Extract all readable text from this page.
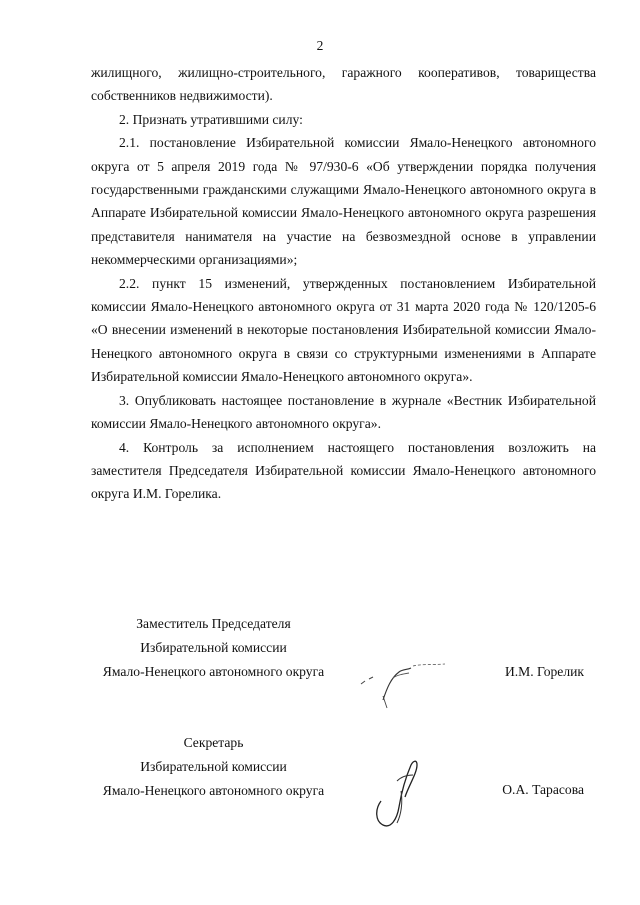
2

жилищного, жилищно-строительного, гаражного кооперативов, товарищества собственников недвижимости).

2. Признать утратившими силу:

2.1. постановление Избирательной комиссии Ямало-Ненецкого автономного округа от 5 апреля 2019 года № 97/930-6 «Об утверждении порядка получения государственными гражданскими служащими Ямало-Ненецкого автономного округа в Аппарате Избирательной комиссии Ямало-Ненецкого автономного округа разрешения представителя нанимателя на участие на безвозмездной основе в управлении некоммерческими организациями»;

2.2. пункт 15 изменений, утвержденных постановлением Избирательной комиссии Ямало-Ненецкого автономного округа от 31 марта 2020 года № 120/1205-6 «О внесении изменений в некоторые постановления Избирательной комиссии Ямало-Ненецкого автономного округа в связи со структурными изменениями в Аппарате Избирательной комиссии Ямало-Ненецкого автономного округа».

3. Опубликовать настоящее постановление в журнале «Вестник Избирательной комиссии Ямало-Ненецкого автономного округа».

4. Контроль за исполнением настоящего постановления возложить на заместителя Председателя Избирательной комиссии Ямало-Ненецкого автономного округа И.М. Горелика.

Заместитель Председателя
Избирательной комиссии
Ямало-Ненецкого автономного округа	И.М. Горелик
Секретарь
Избирательной комиссии
Ямало-Ненецкого автономного округа	О.А. Тарасова
